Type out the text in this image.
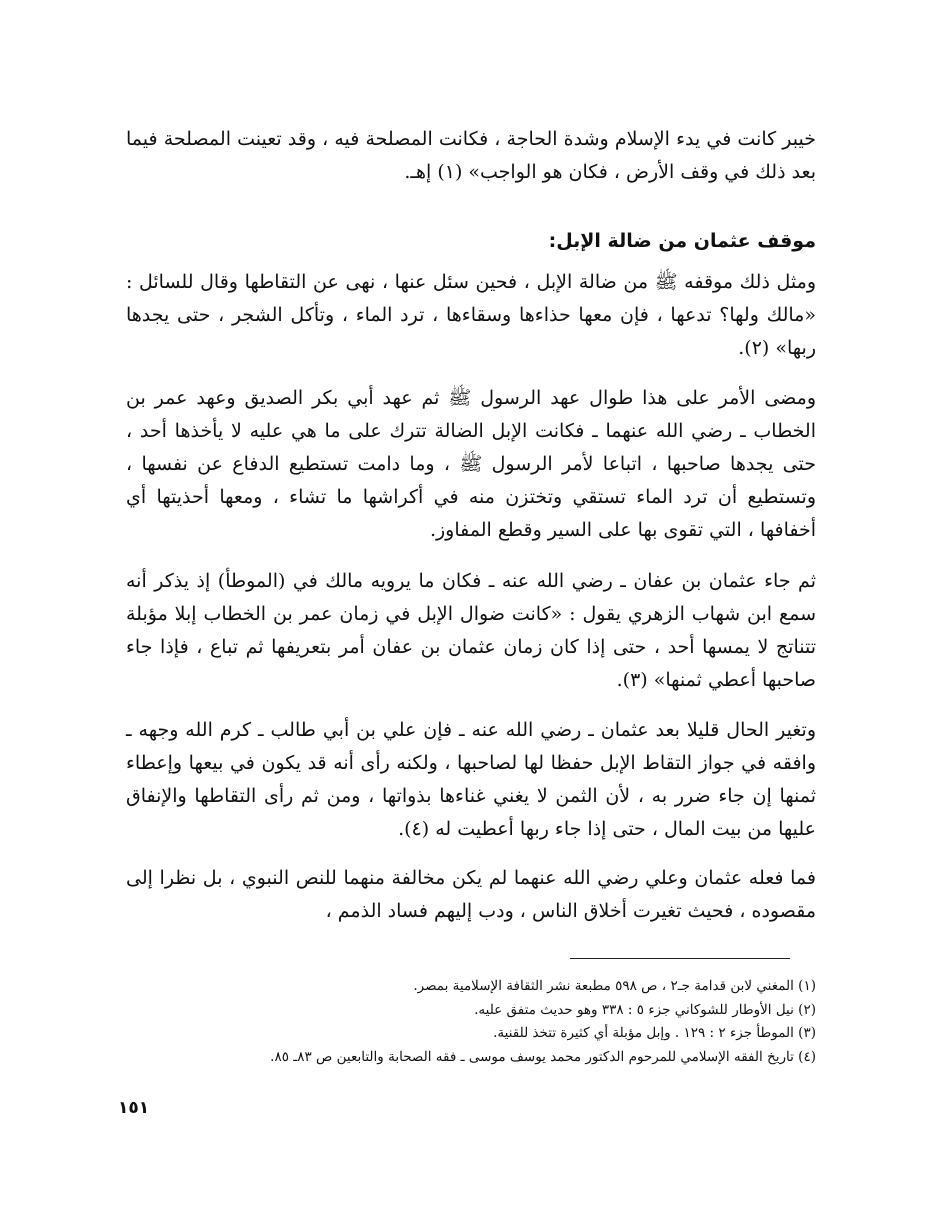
خيبر كانت في يدء الإسلام وشدة الحاجة ، فكانت المصلحة فيه ، وقد تعينت المصلحة فيما بعد ذلك في وقف الأرض ، فكان هو الواجب» (١) إهـ.

موقف عثمان من ضالة الإبل:

ومثل ذلك موقفه ﷺ من ضالة الإبل ، فحين سئل عنها ، نهى عن التقاطها وقال للسائل : «مالك ولها؟ تدعها ، فإن معها حذاءها وسقاءها ، ترد الماء ، وتأكل الشجر ، حتى يجدها ربها» (٢).

ومضى الأمر على هذا طوال عهد الرسول ﷺ ثم عهد أبي بكر الصديق وعهد عمر بن الخطاب ـ رضي الله عنهما ـ فكانت الإبل الضالة تترك على ما هي عليه لا يأخذها أحد ، حتى يجدها صاحبها ، اتباعا لأمر الرسول ﷺ ، وما دامت تستطيع الدفاع عن نفسها ، وتستطيع أن ترد الماء تستقي وتختزن منه في أكراشها ما تشاء ، ومعها أحذيتها أي أخفافها ، التي تقوى بها على السير وقطع المفاوز.

ثم جاء عثمان بن عفان ـ رضي الله عنه ـ فكان ما يرويه مالك في (الموطأ) إذ يذكر أنه سمع ابن شهاب الزهري يقول : «كانت ضوال الإبل في زمان عمر بن الخطاب إبلا مؤبلة تتناتج لا يمسها أحد ، حتى إذا كان زمان عثمان بن عفان أمر بتعريفها ثم تباع ، فإذا جاء صاحبها أعطي ثمنها» (٣).

وتغير الحال قليلا بعد عثمان ـ رضي الله عنه ـ فإن علي بن أبي طالب ـ كرم الله وجهه ـ وافقه في جواز التقاط الإبل حفظا لها لصاحبها ، ولكنه رأى أنه قد يكون في بيعها وإعطاء ثمنها إن جاء ضرر به ، لأن الثمن لا يغني غناءها بذواتها ، ومن ثم رأى التقاطها والإنفاق عليها من بيت المال ، حتى إذا جاء ربها أعطيت له (٤).

فما فعله عثمان وعلي رضي الله عنهما لم يكن مخالفة منهما للنص النبوي ، بل نظرا إلى مقصوده ، فحيث تغيرت أخلاق الناس ، ودب إليهم فساد الذمم ،

(١) المغني لابن قدامة جـ٢ ، ص ٥٩٨ مطبعة نشر الثقافة الإسلامية بمصر.
(٢) نيل الأوطار للشوكاني جزء ٥ : ٣٣٨ وهو حديث متفق عليه.
(٣) الموطأ جزء ٢ : ١٢٩ . وإبل مؤبلة أي كثيرة تتخذ للقنية.
(٤) تاريخ الفقه الإسلامي للمرحوم الدكتور محمد يوسف موسى ـ فقه الصحابة والتابعين ص ٨٣ـ ٨٥.
١٥١
